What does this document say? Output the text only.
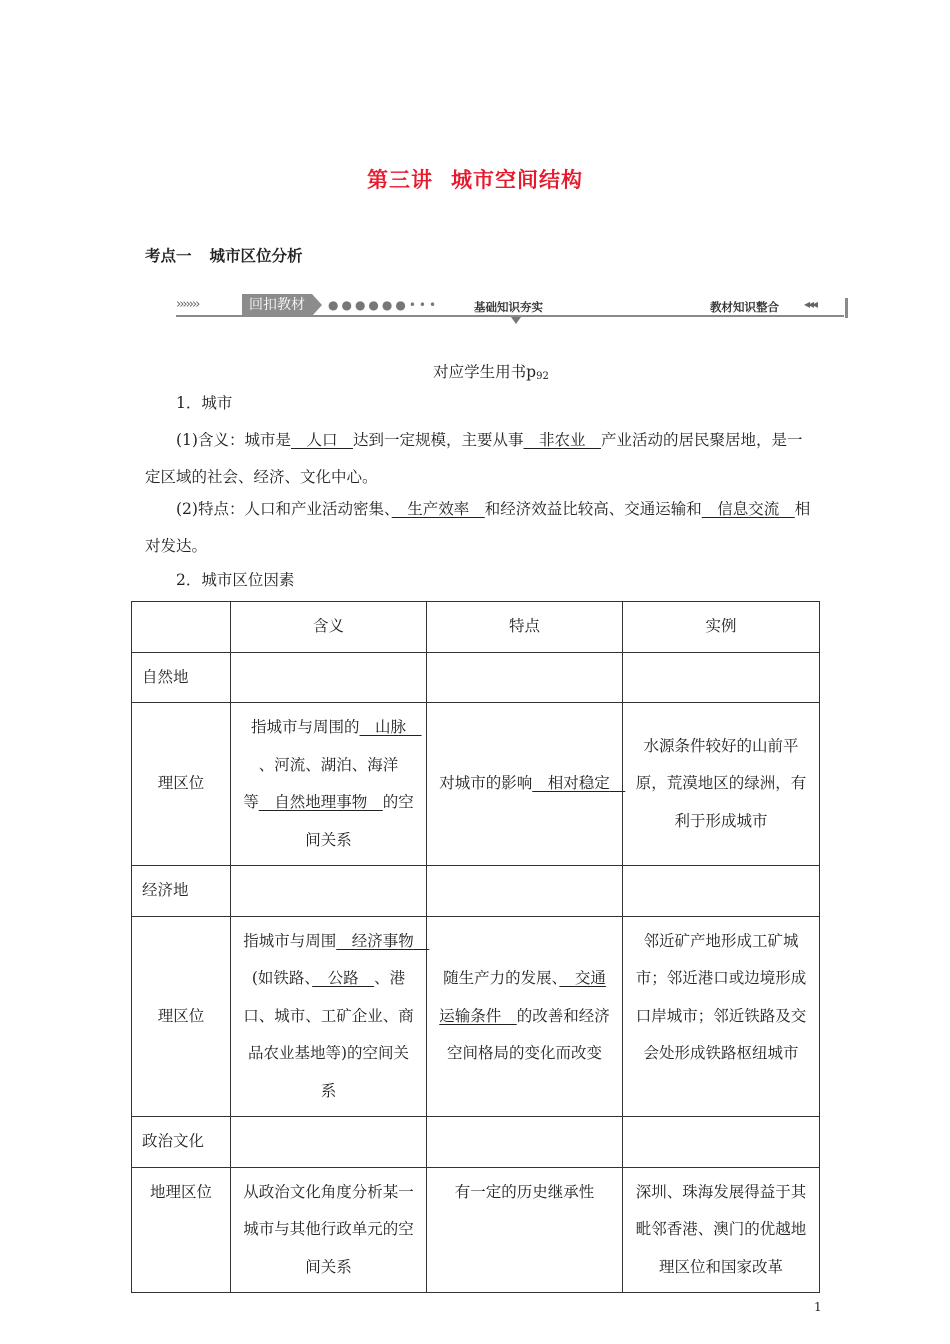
第三讲 城市空间结构
考点一 城市区位分析
›››››››	回扣教材	●●●●●●•••	基础知识夯实	教材知识整合 ◂◂◂
对应学生用书$p_{92}$

1．城市

(1)含义：城市是　人口　达到一定规模，主要从事　非农业　产业活动的居民聚居地，是一定区域的社会、经济、文化中心。

(2)特点：人口和产业活动密集、　生产效率　和经济效益比较高、交通运输和　信息交流　相对发达。

2．城市区位因素

	含义	特点	实例
自然地			
理区位	指城市与周围的　山脉　、河流、湖泊、海洋等　自然地理事物　的空间关系	对城市的影响　相对稳定　	水源条件较好的山前平原，荒漠地区的绿洲，有利于形成城市
经济地			
理区位	指城市与周围　经济事物　(如铁路、　公路　、港口、城市、工矿企业、商品农业基地等)的空间关系	随生产力的发展、　交通运输条件　的改善和经济空间格局的变化而改变	邻近矿产地形成工矿城市；邻近港口或边境形成口岸城市；邻近铁路及交会处形成铁路枢纽城市
政治文化			
地理区位	从政治文化角度分析某一城市与其他行政单元的空间关系	有一定的历史继承性	深圳、珠海发展得益于其毗邻香港、澳门的优越地理区位和国家改革
1
